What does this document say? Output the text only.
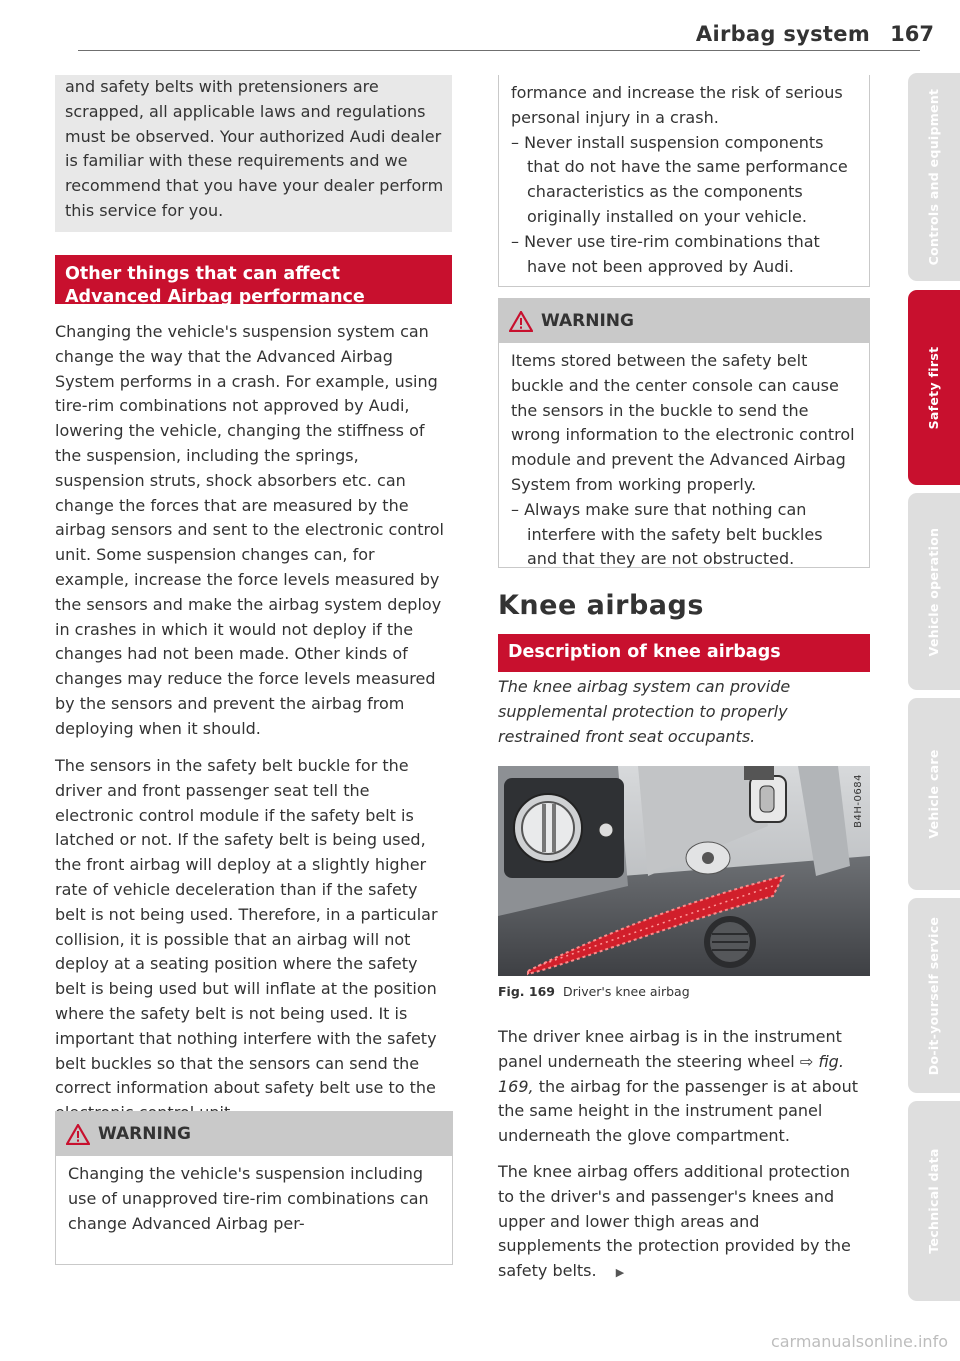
Airbag system 167

and safety belts with pretensioners are scrapped, all applicable laws and regulations must be observed. Your authorized Audi dealer is familiar with these requirements and we recommend that you have your dealer perform this service for you.

Other things that can affect Advanced Airbag performance

Changing the vehicle's suspension system can change the way that the Advanced Airbag System performs in a crash. For example, using tire-rim combinations not approved by Audi, lowering the vehicle, changing the stiffness of the suspension, including the springs, suspension struts, shock absorbers etc. can change the forces that are measured by the airbag sensors and sent to the electronic control unit. Some suspension changes can, for example, increase the force levels measured by the sensors and make the airbag system deploy in crashes in which it would not deploy if the changes had not been made. Other kinds of changes may reduce the force levels measured by the sensors and prevent the airbag from deploying when it should.

The sensors in the safety belt buckle for the driver and front passenger seat tell the electronic control module if the safety belt is latched or not. If the safety belt is being used, the front airbag will deploy at a slightly higher rate of vehicle deceleration than if the safety belt is not being used. Therefore, in a particular collision, it is possible that an airbag will not deploy at a seating position where the safety belt is being used but will inflate at the position where the safety belt is not being used. It is important that nothing interfere with the safety belt buckles so that the sensors can send the correct information about safety belt use to the

WARNING

Changing the vehicle's suspension including use of unapproved tire-rim combinations can change Advanced Airbag per-

formance and increase the risk of serious personal injury in a crash.

– Never install suspension components that do not have the same performance characteristics as the components originally installed on your vehicle.

– Never use tire-rim combinations that have not been approved by Audi.

WARNING

Items stored between the safety belt buckle and the center console can cause the sensors in the buckle to send the wrong information to the electronic control module and prevent the Advanced Airbag System from working properly.

– Always make sure that nothing can interfere with the safety belt buckles and that they are not obstructed.

Knee airbags
Description of knee airbags

The knee airbag system can provide supplemental protection to properly restrained front seat occupants.

B4H-0684
Fig. 169 Driver's knee airbag
The driver knee airbag is in the instrument panel underneath the steering wheel ⇨ fig. 169, the airbag for the passenger is at about the same height in the instrument panel underneath the glove compartment.
The knee airbag offers additional protection to the driver's and passenger's knees and upper and lower thigh areas and supplements the protection provided by the safety belts. ▶
Controls and equipment
Safety first
Vehicle operation
Vehicle care
Do-it-yourself service
Technical data
carmanualsonline.info
